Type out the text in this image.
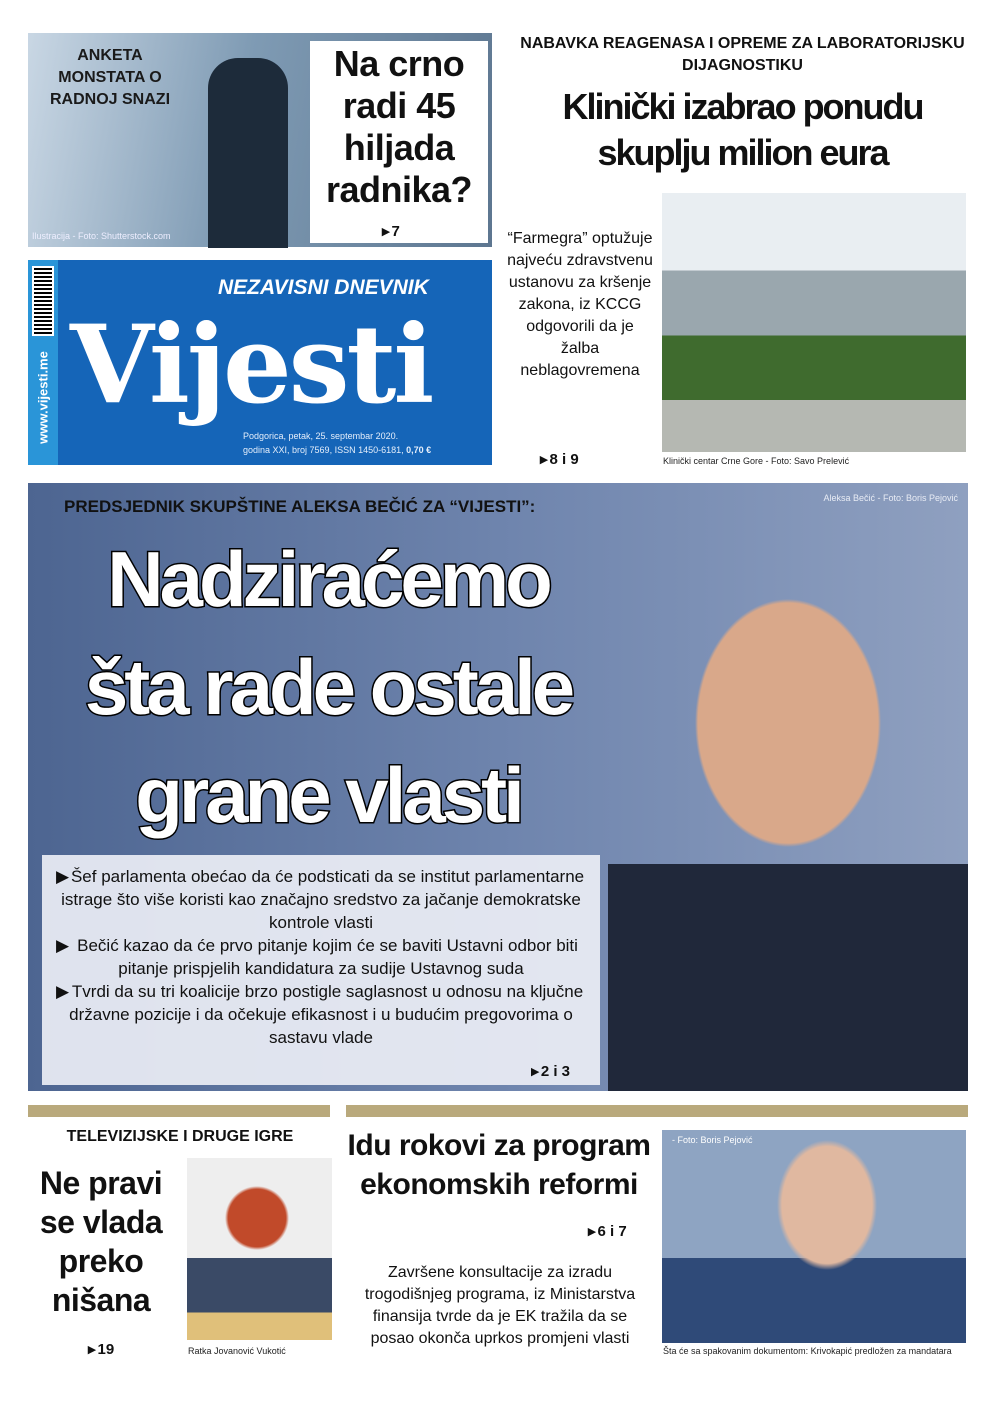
ANKETA MONSTATA O RADNOJ SNAZI
Na crno radi 45 hiljada radnika?
▸ 7
Ilustracija - Foto: Shutterstock.com
www.vijesti.me
NEZAVISNI DNEVNIK
Vijesti
Podgorica, petak, 25. septembar 2020.
godina XXI, broj 7569, ISSN 1450-6181, 0,70 €
NABAVKA REAGENASA I OPREME ZA LABORATORIJSKU DIJAGNOSTIKU
Klinički izabrao ponudu skuplju milion eura
“Farmegra” optužuje najveću zdravstvenu ustanovu za kršenje zakona, iz KCCG odgovorili da je žalba neblagovremena
▸ 8 i 9	Klinički centar Crne Gore - Foto: Savo Prelević
Aleksa Bečić - Foto: Boris Pejović
PREDSJEDNIK SKUPŠTINE ALEKSA BEČIĆ ZA “VIJESTI”:
Nadziraćemo
šta rade ostale
grane vlasti
▶ Šef parlamenta obećao da će podsticati da se institut parlamentarne istrage što više koristi kao značajno sredstvo za jačanje demokratske kontrole vlasti
▶ Bečić kazao da će prvo pitanje kojim će se baviti Ustavni odbor biti pitanje prispjelih kandidatura za sudije Ustavnog suda
▶ Tvrdi da su tri koalicije brzo postigle saglasnost u odnosu na ključne državne pozicije i da očekuje efikasnost i u budućim pregovorima o sastavu vlade
▸ 2 i 3
TELEVIZIJSKE I DRUGE IGRE
Ne pravi se vlada preko nišana
▸ 19	Ratka Jovanović Vukotić
Idu rokovi za program ekonomskih reformi
▸ 6 i 7
Završene konsultacije za izradu trogodišnjeg programa, iz Ministarstva finansija tvrde da je EK tražila da se posao okonča uprkos promjeni vlasti
- Foto: Boris Pejović
Šta će sa spakovanim dokumentom: Krivokapić predložen za mandatara
